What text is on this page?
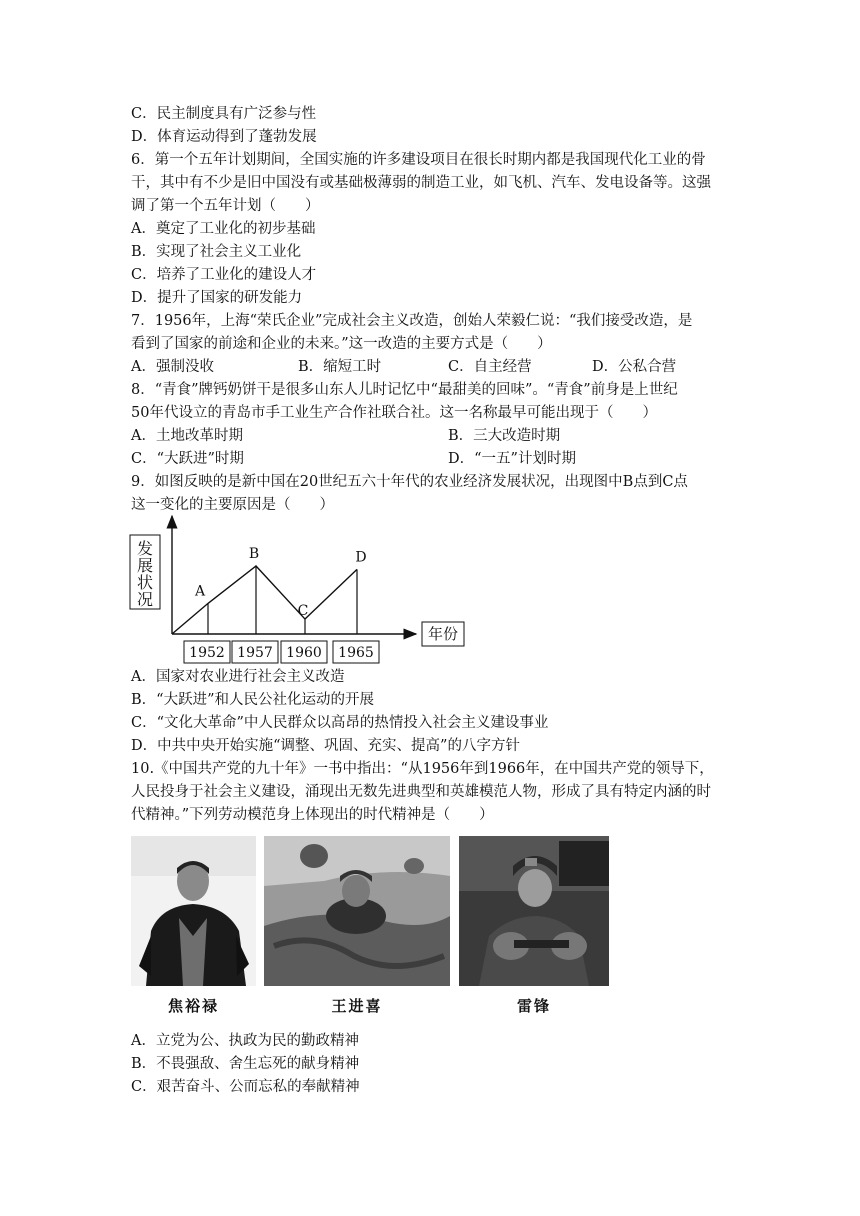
C．民主制度具有广泛参与性
D．体育运动得到了蓬勃发展
6．第一个五年计划期间，全国实施的许多建设项目在很长时期内都是我国现代化工业的骨
干，其中有不少是旧中国没有或基础极薄弱的制造工业，如飞机、汽车、发电设备等。这强
调了第一个五年计划（　　）
A．奠定了工业化的初步基础
B．实现了社会主义工业化
C．培养了工业化的建设人才
D．提升了国家的研发能力
7．1956年，上海“荣氏企业”完成社会主义改造，创始人荣毅仁说：“我们接受改造，是
看到了国家的前途和企业的未来。”这一改造的主要方式是（　　）
A．强制没收	B．缩短工时	C．自主经营	D．公私合营
8．“青食”牌钙奶饼干是很多山东人儿时记忆中“最甜美的回味”。“青食”前身是上世纪
50年代设立的青岛市手工业生产合作社联合社。这一名称最早可能出现于（　　）
A．土地改革时期	B．三大改造时期
C．“大跃进”时期	D．“一五”计划时期
9．如图反映的是新中国在20世纪五六十年代的农业经济发展状况，出现图中B点到C点
这一变化的主要原因是（　　）
发展状况
年份
A
1952
B
1957
C
1960
D
1965
A．国家对农业进行社会主义改造
B．“大跃进”和人民公社化运动的开展
C．“文化大革命”中人民群众以高昂的热情投入社会主义建设事业
D．中共中央开始实施“调整、巩固、充实、提高”的八字方针
10.《中国共产党的九十年》一书中指出：“从1956年到1966年，在中国共产党的领导下，
人民投身于社会主义建设，涌现出无数先进典型和英雄模范人物，形成了具有特定内涵的时
代精神。”下列劳动模范身上体现出的时代精神是（　　）
焦裕禄	王进喜	雷锋
A．立党为公、执政为民的勤政精神
B．不畏强敌、舍生忘死的献身精神
C．艰苦奋斗、公而忘私的奉献精神
